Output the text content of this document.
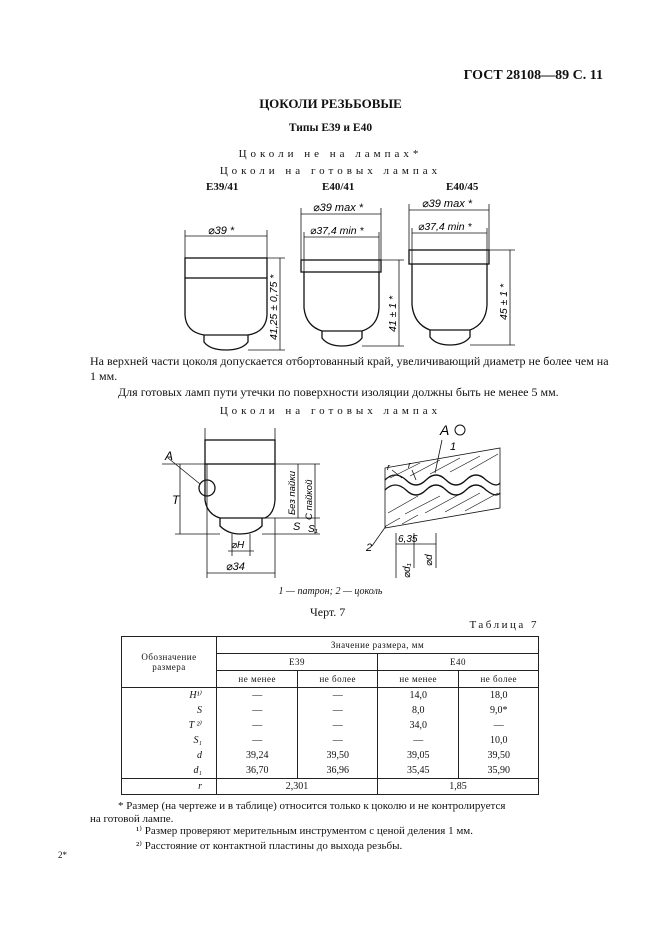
ГОСТ 28108—89 С. 11
ЦОКОЛИ РЕЗЬБОВЫЕ
Типы Е39 и Е40
Цоколи не на лампах*
Цоколи на готовых лампах
E39/41	E40/41	E40/45
⌀39 *
⌀39 max *
⌀37,4 min *
⌀39 max *
⌀37,4 min *
41,25 ± 0,75 *	41 ± 1 *	45 ± 1 *
На верхней части цоколя допускается отбортованный край, увеличивающий диаметр не более чем на 1 мм.
Для готовых ламп пути утечки по поверхности изоляции должны быть не менее 5 мм.
Цоколи на готовых лампах
A
T
S S₁
Без пайки С пайкой
⌀H
⌀34
A
1
2
r r
6,35
⌀d
⌀d₁
1 — патрон; 2 — цоколь
Черт. 7
Таблица 7
Обозначение размера	Значение размера, мм			
	Е39		Е40	
	не менее	не более	не менее	не более
H¹⁾	—	—	14,0	18,0
S	—	—	8,0	9,0*
T ²⁾	—	—	34,0	—
S₁	—	—	—	10,0
d	39,24	39,50	39,05	39,50
d₁	36,70	36,96	35,45	35,90
r	2,301		1,85	
* Размер (на чертеже и в таблице) относится только к цоколю и не контролируется на готовой лампе.
¹⁾ Размер проверяют мерительным инструментом с ценой деления 1 мм.
²⁾ Расстояние от контактной пластины до выхода резьбы.
2*
